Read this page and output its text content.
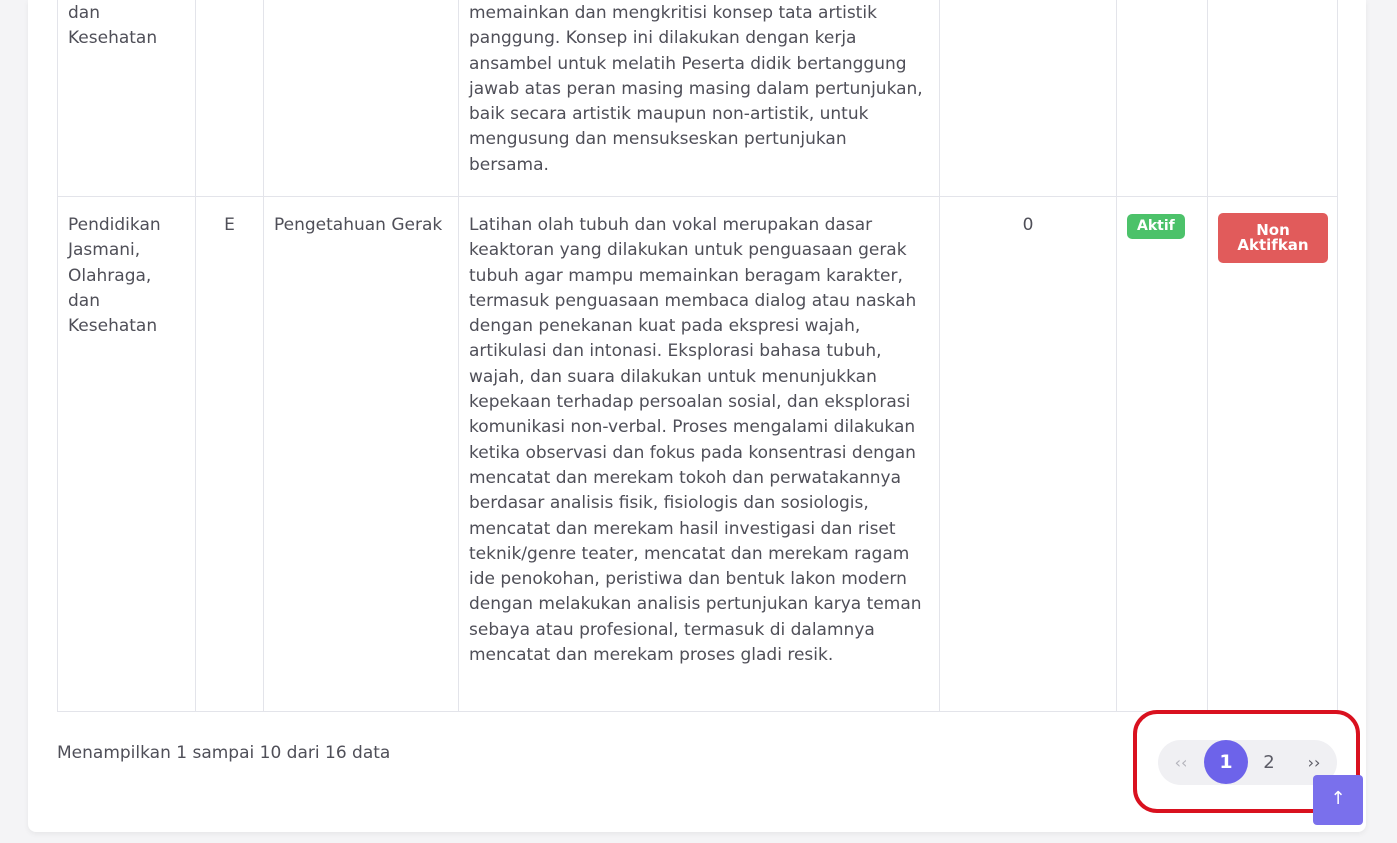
dan Kesehatan			memainkan dan mengkritisi konsep tata artistik panggung. Konsep ini dilakukan dengan kerja ansambel untuk melatih Peserta didik bertanggung jawab atas peran masing masing dalam pertunjukan, baik secara artistik maupun non-artistik, untuk mengusung dan mensukseskan pertunjukan bersama.			
Pendidikan Jasmani, Olahraga, dan Kesehatan	E	Pengetahuan Gerak	Latihan olah tubuh dan vokal merupakan dasar keaktoran yang dilakukan untuk penguasaan gerak tubuh agar mampu memainkan beragam karakter, termasuk penguasaan membaca dialog atau naskah dengan penekanan kuat pada ekspresi wajah, artikulasi dan intonasi. Eksplorasi bahasa tubuh, wajah, dan suara dilakukan untuk menunjukkan kepekaan terhadap persoalan sosial, dan eksplorasi komunikasi non-verbal. Proses mengalami dilakukan ketika observasi dan fokus pada konsentrasi dengan mencatat dan merekam tokoh dan perwatakannya berdasar analisis fisik, fisiologis dan sosiologis, mencatat dan merekam hasil investigasi dan riset teknik/genre teater, mencatat dan merekam ragam ide penokohan, peristiwa dan bentuk lakon modern dengan melakukan analisis pertunjukan karya teman sebaya atau profesional, termasuk di dalamnya mencatat dan merekam proses gladi resik.	0	Aktif	Non Aktifkan
Menampilkan 1 sampai 10 dari 16 data	‹‹	1	2	››
↑
